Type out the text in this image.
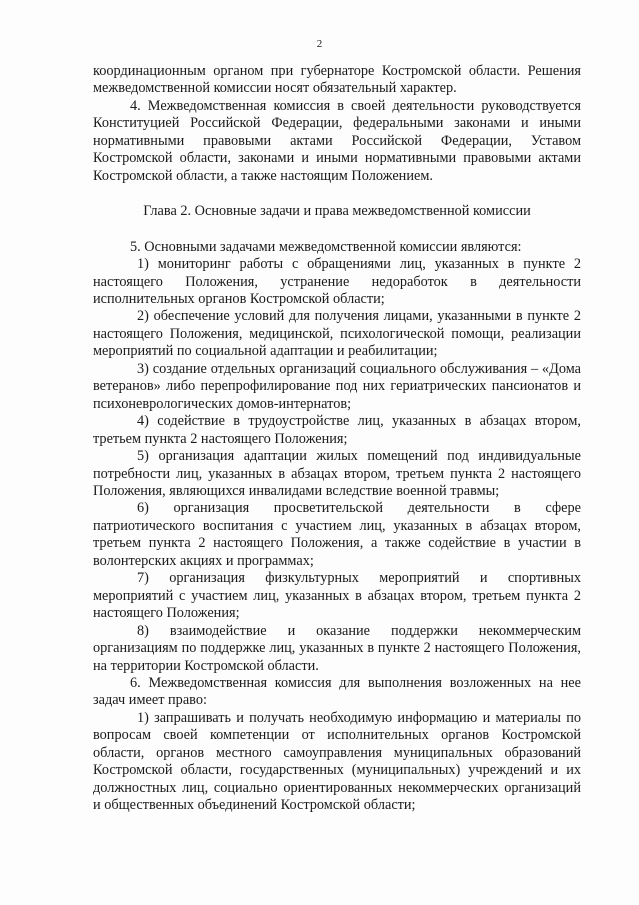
2

координационным органом при губернаторе Костромской области. Решения межведомственной комиссии носят обязательный характер.

4. Межведомственная комиссия в своей деятельности руководствуется Конституцией Российской Федерации, федеральными законами и иными нормативными правовыми актами Российской Федерации, Уставом Костромской области, законами и иными нормативными правовыми актами Костромской области, а также настоящим Положением.

Глава 2. Основные задачи и права межведомственной комиссии

5. Основными задачами межведомственной комиссии являются:

1) мониторинг работы с обращениями лиц, указанных в пункте 2 настоящего Положения, устранение недоработок в деятельности исполнительных органов Костромской области;

2) обеспечение условий для получения лицами, указанными в пункте 2 настоящего Положения, медицинской, психологической помощи, реализации мероприятий по социальной адаптации и реабилитации;

3) создание отдельных организаций социального обслуживания – «Дома ветеранов» либо перепрофилирование под них гериатрических пансионатов и психоневрологических домов-интернатов;

4) содействие в трудоустройстве лиц, указанных в абзацах втором, третьем пункта 2 настоящего Положения;

5) организация адаптации жилых помещений под индивидуальные потребности лиц, указанных в абзацах втором, третьем пункта 2 настоящего Положения, являющихся инвалидами вследствие военной травмы;

6) организация просветительской деятельности в сфере патриотического воспитания с участием лиц, указанных в абзацах втором, третьем пункта 2 настоящего Положения, а также содействие в участии в волонтерских акциях и программах;

7) организация физкультурных мероприятий и спортивных мероприятий с участием лиц, указанных в абзацах втором, третьем пункта 2 настоящего Положения;

8) взаимодействие и оказание поддержки некоммерческим организациям по поддержке лиц, указанных в пункте 2 настоящего Положения, на территории Костромской области.

6. Межведомственная комиссия для выполнения возложенных на нее задач имеет право:

1) запрашивать и получать необходимую информацию и материалы по вопросам своей компетенции от исполнительных органов Костромской области, органов местного самоуправления муниципальных образований Костромской области, государственных (муниципальных) учреждений и их должностных лиц, социально ориентированных некоммерческих организаций и общественных объединений Костромской области;
